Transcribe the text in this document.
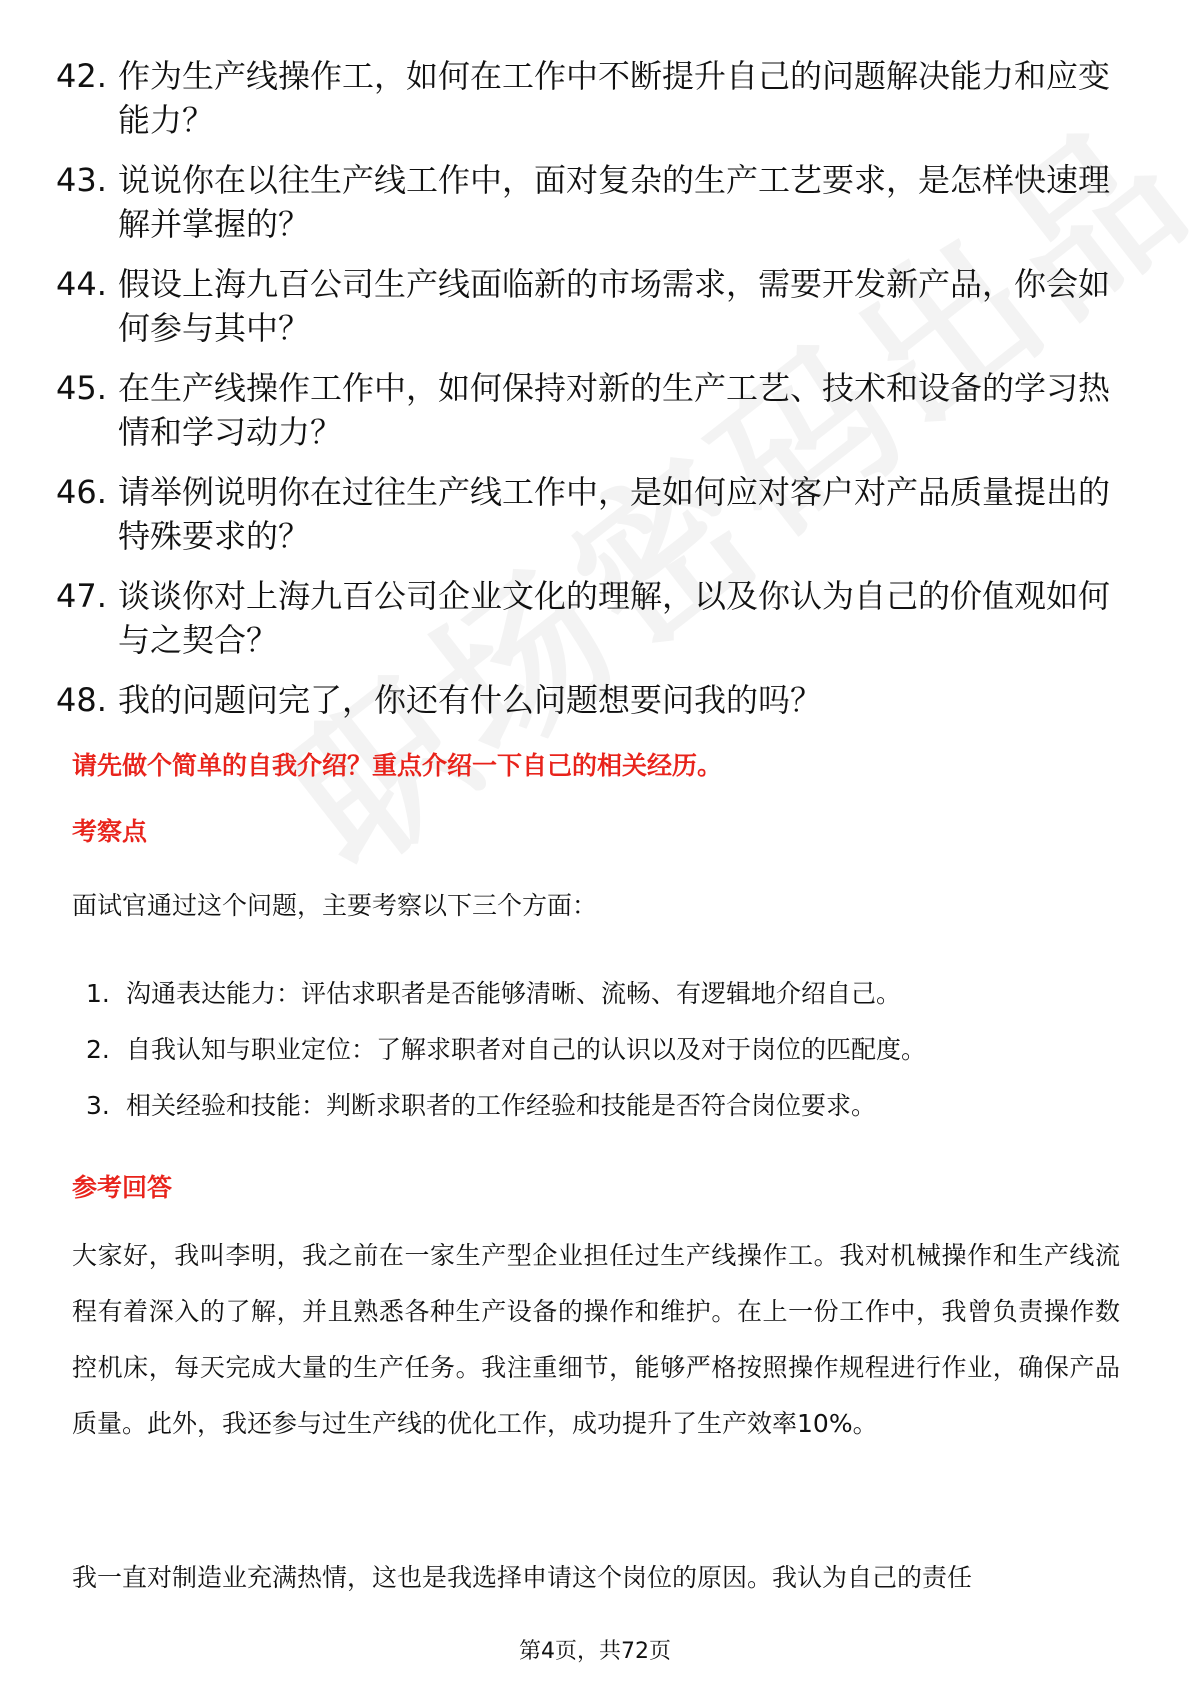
42. 作为生产线操作工，如何在工作中不断提升自己的问题解决能力和应变能力？
43. 说说你在以往生产线工作中，面对复杂的生产工艺要求，是怎样快速理解并掌握的？
44. 假设上海九百公司生产线面临新的市场需求，需要开发新产品，你会如何参与其中？
45. 在生产线操作工作中，如何保持对新的生产工艺、技术和设备的学习热情和学习动力？
46. 请举例说明你在过往生产线工作中，是如何应对客户对产品质量提出的特殊要求的？
47. 谈谈你对上海九百公司企业文化的理解，以及你认为自己的价值观如何与之契合？
48. 我的问题问完了，你还有什么问题想要问我的吗？
请先做个简单的自我介绍？重点介绍一下自己的相关经历。
考察点
面试官通过这个问题，主要考察以下三个方面：
1. 沟通表达能力：评估求职者是否能够清晰、流畅、有逻辑地介绍自己。
2. 自我认知与职业定位：了解求职者对自己的认识以及对于岗位的匹配度。
3. 相关经验和技能：判断求职者的工作经验和技能是否符合岗位要求。
参考回答

大家好，我叫李明，我之前在一家生产型企业担任过生产线操作工。我对机械操作和生产线流程有着深入的了解，并且熟悉各种生产设备的操作和维护。在上一份工作中，我曾负责操作数控机床，每天完成大量的生产任务。我注重细节，能够严格按照操作规程进行作业，确保产品质量。此外，我还参与过生产线的优化工作，成功提升了生产效率10%。

我一直对制造业充满热情，这也是我选择申请这个岗位的原因。我认为自己的责任

第4页，共72页
